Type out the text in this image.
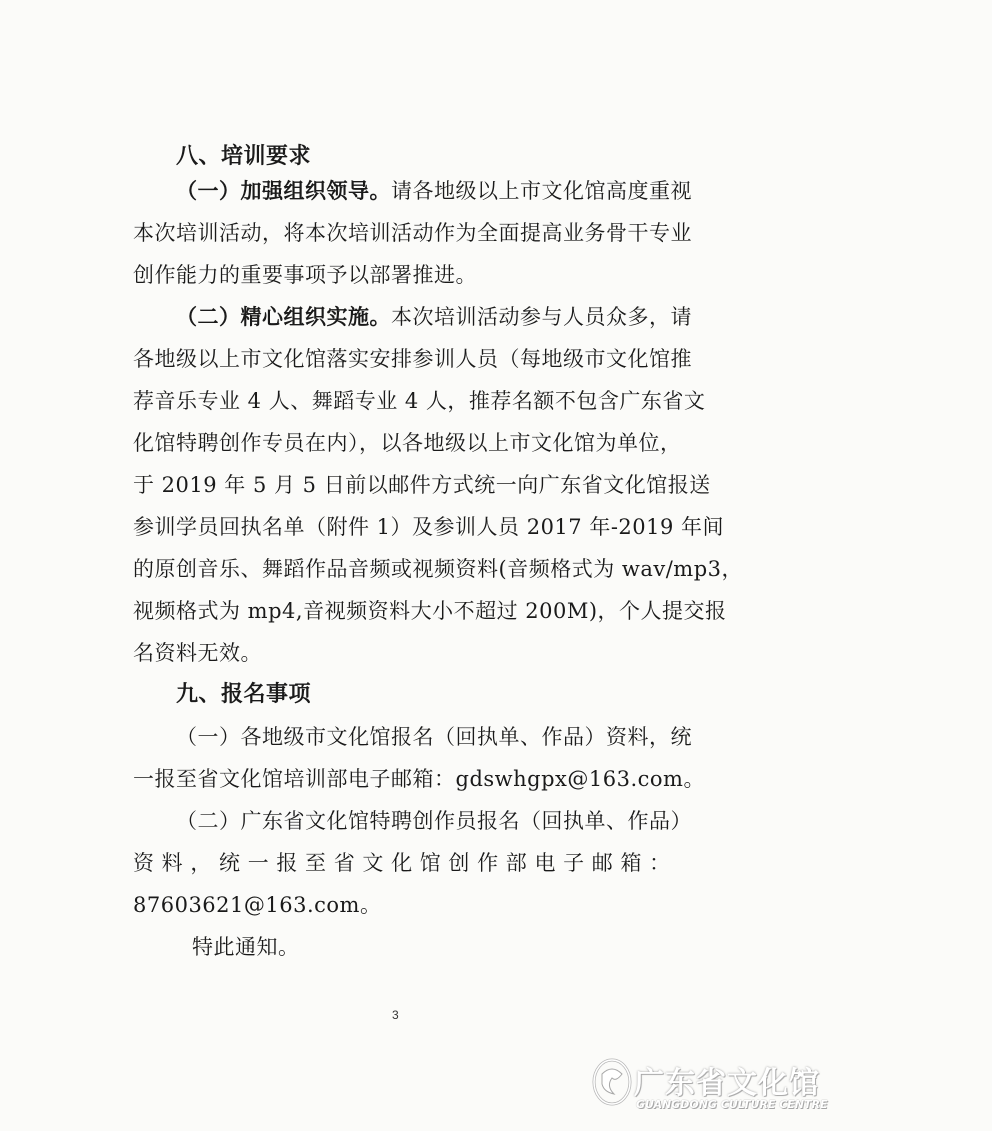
八、培训要求
（一）加强组织领导。请各地级以上市文化馆高度重视
本次培训活动，将本次培训活动作为全面提高业务骨干专业
创作能力的重要事项予以部署推进。
（二）精心组织实施。本次培训活动参与人员众多，请
各地级以上市文化馆落实安排参训人员（每地级市文化馆推
荐音乐专业 4 人、舞蹈专业 4 人，推荐名额不包含广东省文
化馆特聘创作专员在内），以各地级以上市文化馆为单位，
于 2019 年 5 月 5 日前以邮件方式统一向广东省文化馆报送
参训学员回执名单（附件 1）及参训人员 2017 年-2019 年间
的原创音乐、舞蹈作品音频或视频资料(音频格式为 wav/mp3，
视频格式为 mp4,音视频资料大小不超过 200M)，个人提交报
名资料无效。
九、报名事项
（一）各地级市文化馆报名（回执单、作品）资料，统
一报至省文化馆培训部电子邮箱：gdswhgpx@163.com。
（二）广东省文化馆特聘创作员报名（回执单、作品）
资 料 ， 统 一 报 至 省 文 化 馆 创 作 部 电 子 邮 箱 ：
87603621@163.com。
特此通知。
3
广东省文化馆
GUANGDONG CULTURE CENTRE
